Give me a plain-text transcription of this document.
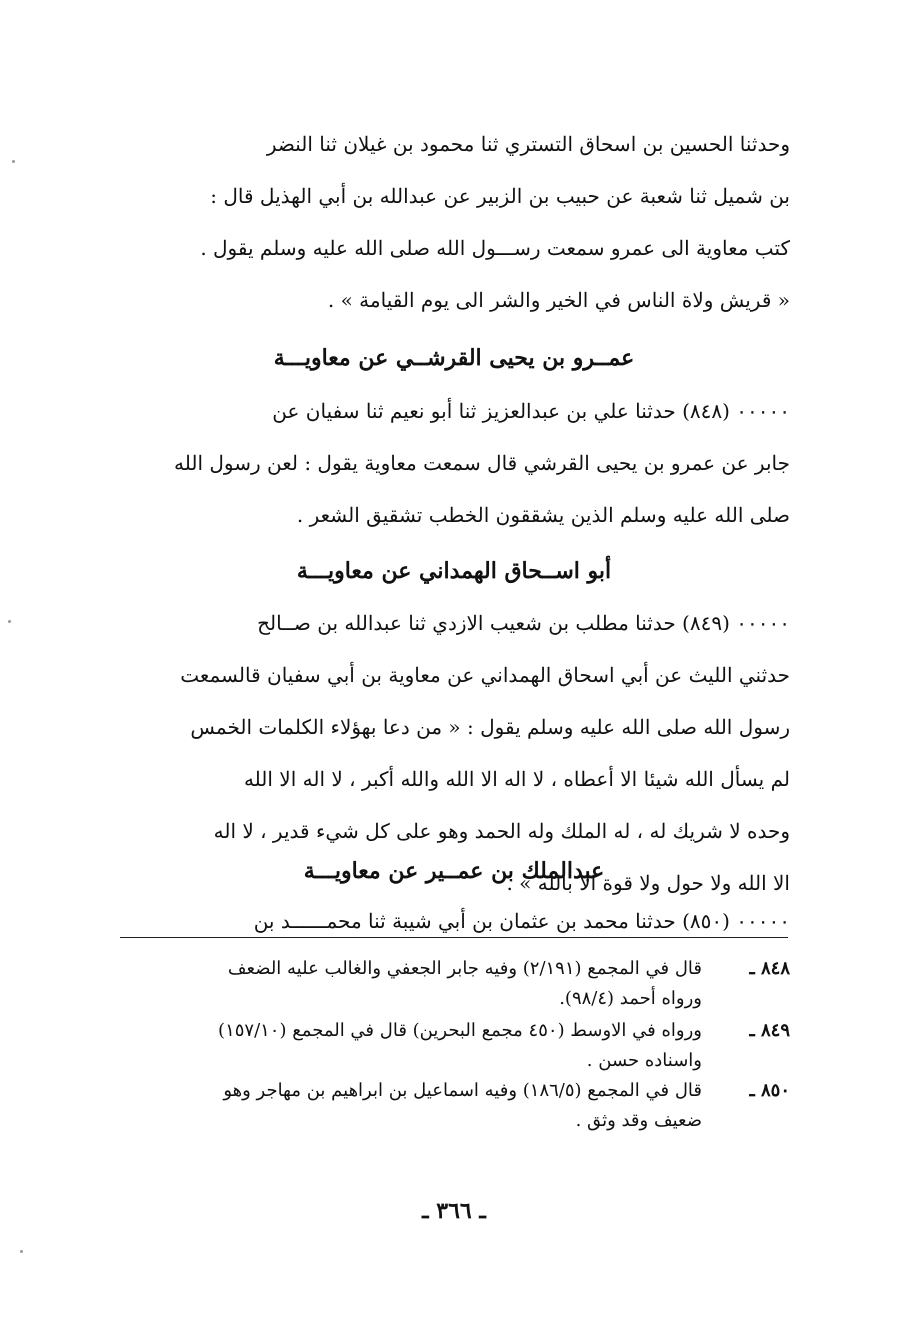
وحدثنا الحسين بن اسحاق التستري ثنا محمود بن غيلان ثنا النضر
بن شميل ثنا شعبة عن حبيب بن الزبير عن عبدالله بن أبي الهذيل قال :
كتب معاوية الى عمرو سمعت رســـول الله صلى الله عليه وسلم يقول .
« قريش ولاة الناس في الخير والشر الى يوم القيامة » .
عمــرو بن يحيى القرشــي عن معاويـــة
٠٠٠٠٠ (٨٤٨) حدثنا علي بن عبدالعزيز ثنا أبو نعيم ثنا سفيان عن
جابر عن عمرو بن يحيى القرشي قال سمعت معاوية يقول : لعن رسول الله
صلى الله عليه وسلم الذين يشققون الخطب تشقيق الشعر .
أبو اســحاق الهمداني عن معاويـــة
٠٠٠٠٠ (٨٤٩) حدثنا مطلب بن شعيب الازدي ثنا عبدالله بن صــالح
حدثني الليث عن أبي اسحاق الهمداني عن معاوية بن أبي سفيان قالسمعت
رسول الله صلى الله عليه وسلم يقول : « من دعا بهؤلاء الكلمات الخمس
لم يسأل الله شيئا الا أعطاه ، لا اله الا الله والله أكبر ، لا اله الا الله
وحده لا شريك له ، له الملك وله الحمد وهو على كل شيء قدير ، لا اله
الا الله ولا حول ولا قوة الا بالله » .
عبدالملك بن عمــير عن معاويـــة
٠٠٠٠٠ (٨٥٠) حدثنا محمد بن عثمان بن أبي شيبة ثنا محمــــــد بن
٨٤٨ ـ
قال في المجمع (٢/١٩١) وفيه جابر الجعفي والغالب عليه الضعف
ورواه أحمد (٩٨/٤).
٨٤٩ ـ
ورواه في الاوسط (٤٥٠ مجمع البحرين) قال في المجمع (١٥٧/١٠)
واسناده حسن .
٨٥٠ ـ
قال في المجمع (١٨٦/٥) وفيه اسماعيل بن ابراهيم بن مهاجر وهو
ضعيف وقد وثق .
ـ ٣٦٦ ـ
